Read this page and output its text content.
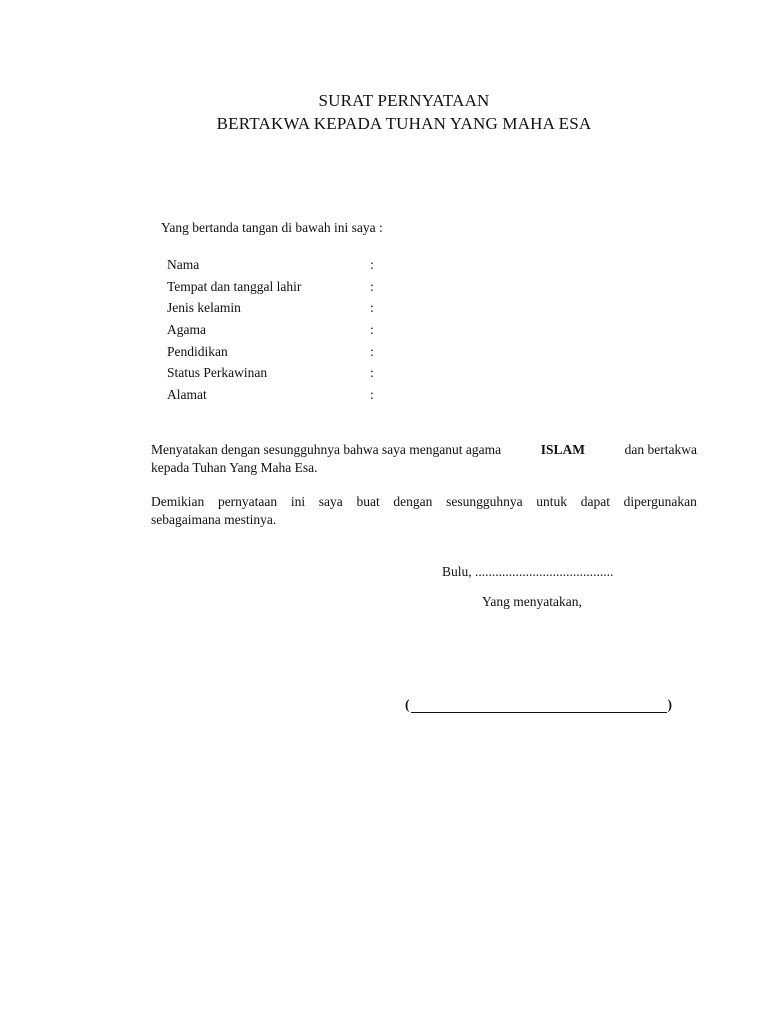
SURAT PERNYATAAN
BERTAKWA KEPADA TUHAN YANG MAHA ESA
Yang bertanda tangan di bawah ini saya :
Nama	:
Tempat dan tanggal lahir	:
Jenis kelamin	:
Agama	:
Pendidikan	:
Status Perkawinan	:
Alamat	:
Menyatakan dengan sesungguhnya bahwa saya menganut agama	ISLAM	dan bertakwa
kepada Tuhan Yang Maha Esa.
Demikian pernyataan ini saya buat dengan sesungguhnya untuk dapat dipergunakan
sebagaimana mestinya.
Bulu, .........................................
Yang menyatakan,
(	)
